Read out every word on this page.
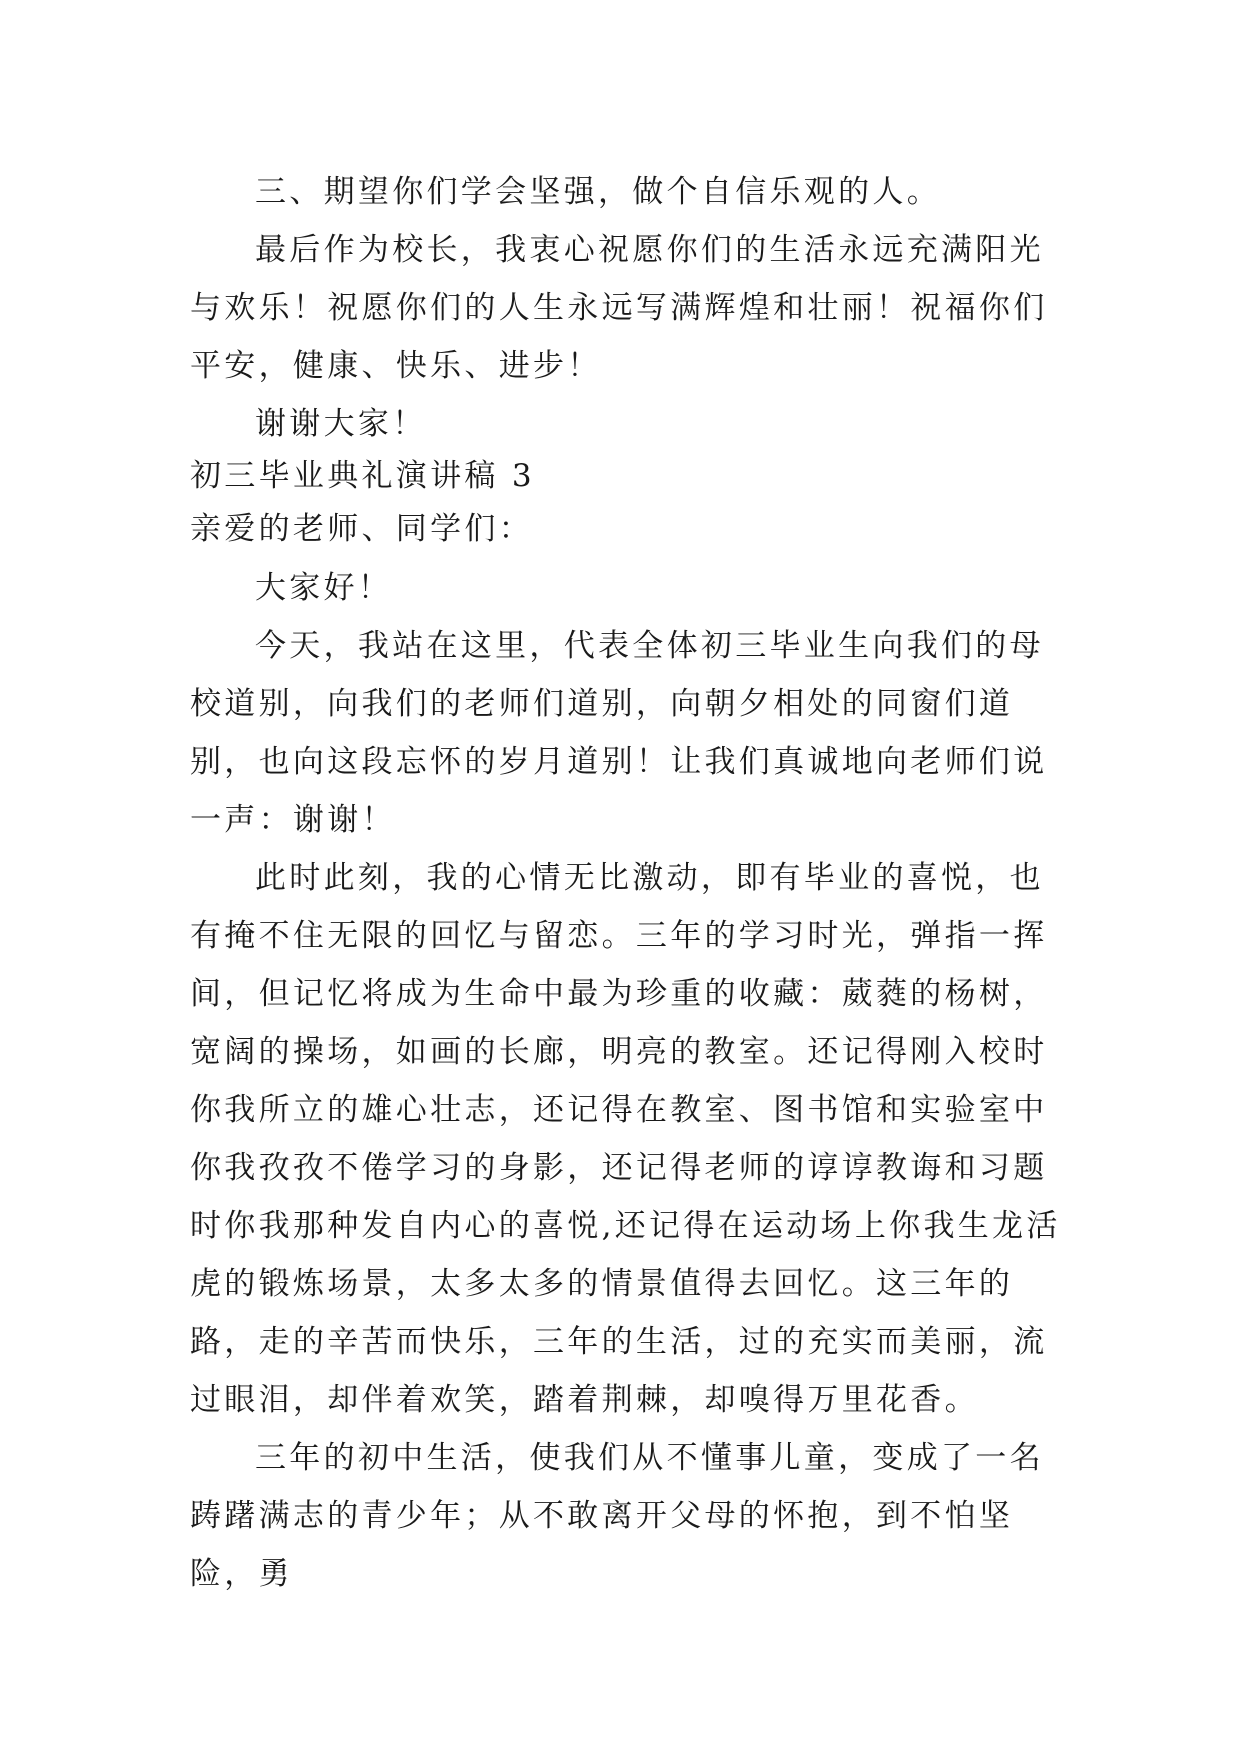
三、期望你们学会坚强，做个自信乐观的人。

最后作为校长，我衷心祝愿你们的生活永远充满阳光与欢乐！祝愿你们的人生永远写满辉煌和壮丽！祝福你们平安，健康、快乐、进步！

谢谢大家！

初三毕业典礼演讲稿 3

亲爱的老师、同学们：

大家好！

今天，我站在这里，代表全体初三毕业生向我们的母校道别，向我们的老师们道别，向朝夕相处的同窗们道别，也向这段忘怀的岁月道别！让我们真诚地向老师们说一声：谢谢！

此时此刻，我的心情无比激动，即有毕业的喜悦，也有掩不住无限的回忆与留恋。三年的学习时光，弹指一挥间，但记忆将成为生命中最为珍重的收藏：葳蕤的杨树，宽阔的操场，如画的长廊，明亮的教室。还记得刚入校时你我所立的雄心壮志，还记得在教室、图书馆和实验室中你我孜孜不倦学习的身影，还记得老师的谆谆教诲和习题时你我那种发自内心的喜悦,还记得在运动场上你我生龙活虎的锻炼场景，太多太多的情景值得去回忆。这三年的路，走的辛苦而快乐，三年的生活，过的充实而美丽，流过眼泪，却伴着欢笑，踏着荆棘，却嗅得万里花香。

三年的初中生活，使我们从不懂事儿童，变成了一名踌躇满志的青少年；从不敢离开父母的怀抱，到不怕坚险，勇
